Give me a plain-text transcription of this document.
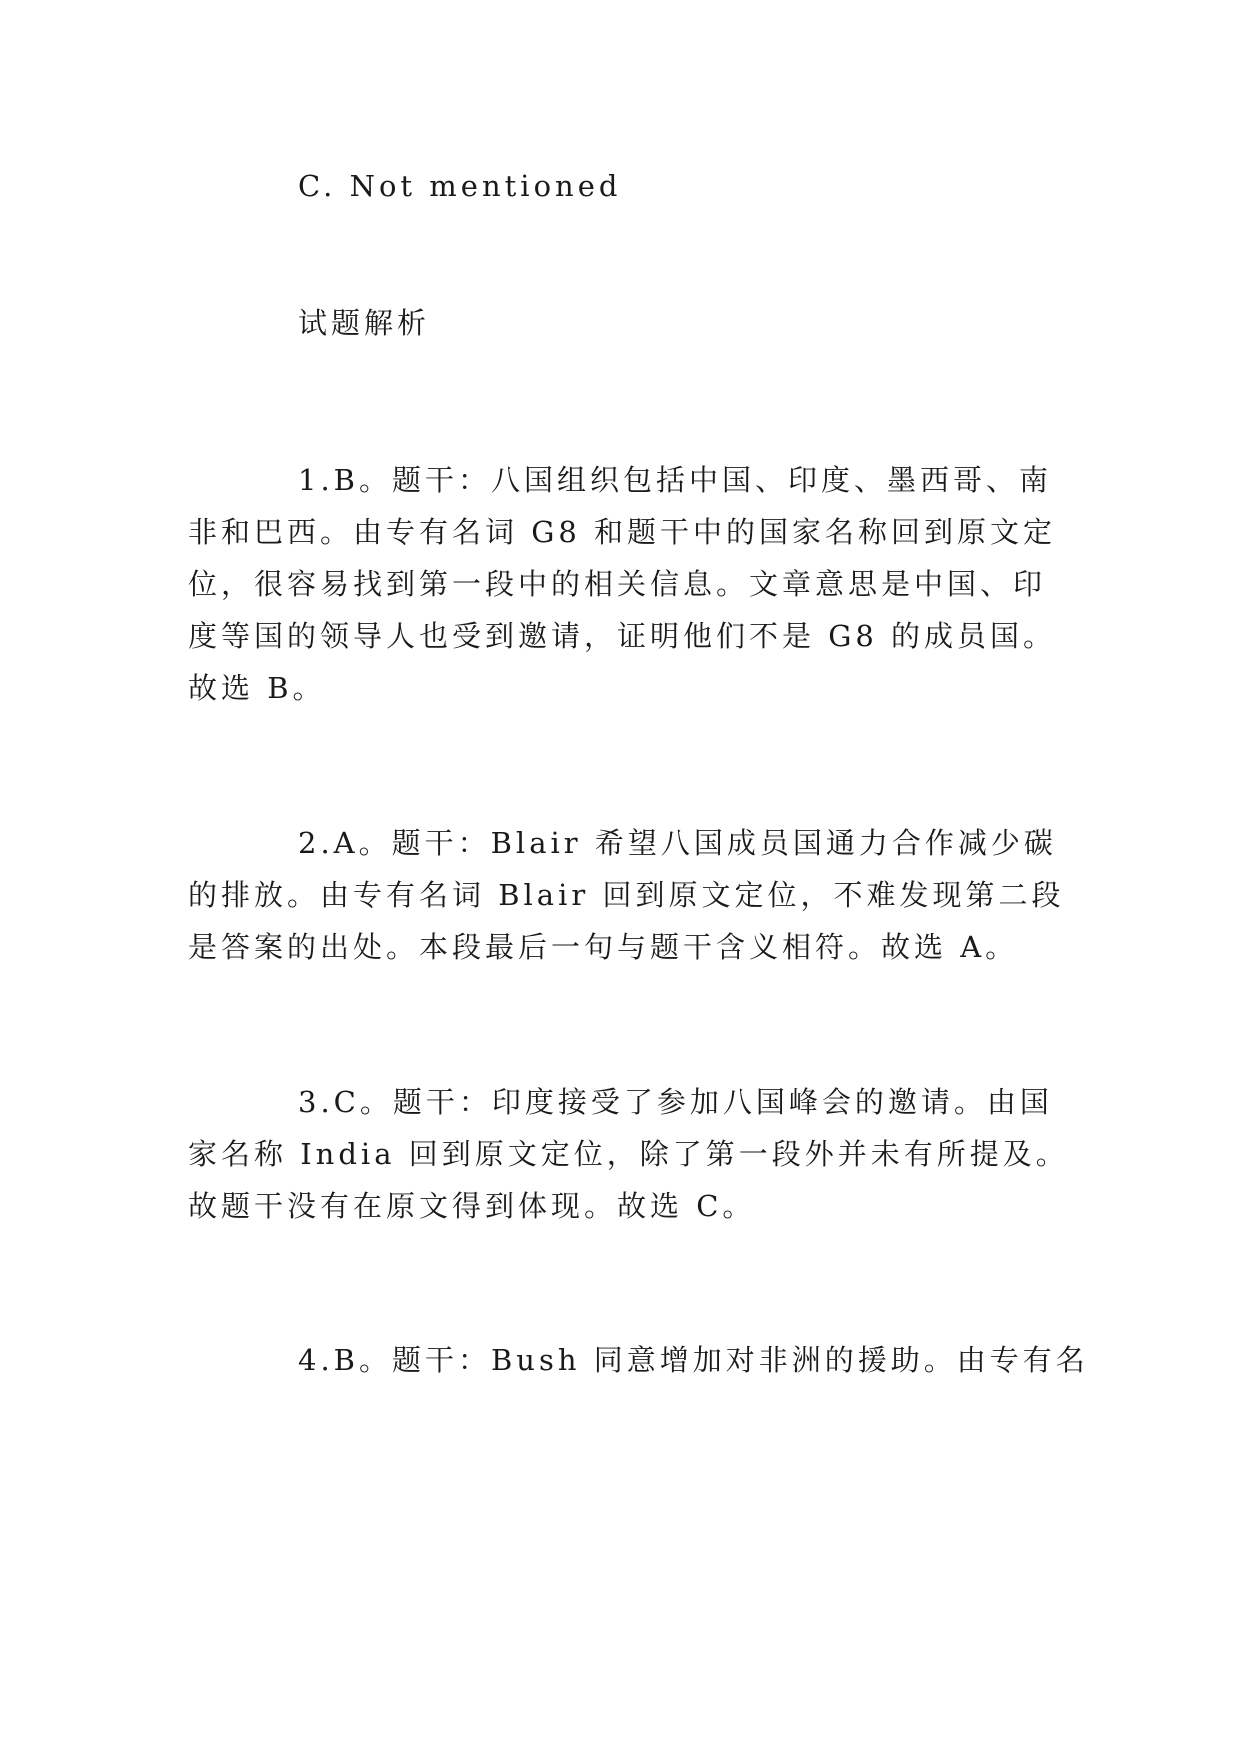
C. Not mentioned
试题解析
1.B。题干：八国组织包括中国、印度、墨西哥、南
非和巴西。由专有名词 G8 和题干中的国家名称回到原文定
位，很容易找到第一段中的相关信息。文章意思是中国、印
度等国的领导人也受到邀请，证明他们不是 G8 的成员国。
故选 B。
2.A。题干：Blair 希望八国成员国通力合作减少碳
的排放。由专有名词 Blair 回到原文定位，不难发现第二段
是答案的出处。本段最后一句与题干含义相符。故选 A。
3.C。题干：印度接受了参加八国峰会的邀请。由国
家名称 India 回到原文定位，除了第一段外并未有所提及。
故题干没有在原文得到体现。故选 C。
4.B。题干：Bush 同意增加对非洲的援助。由专有名
